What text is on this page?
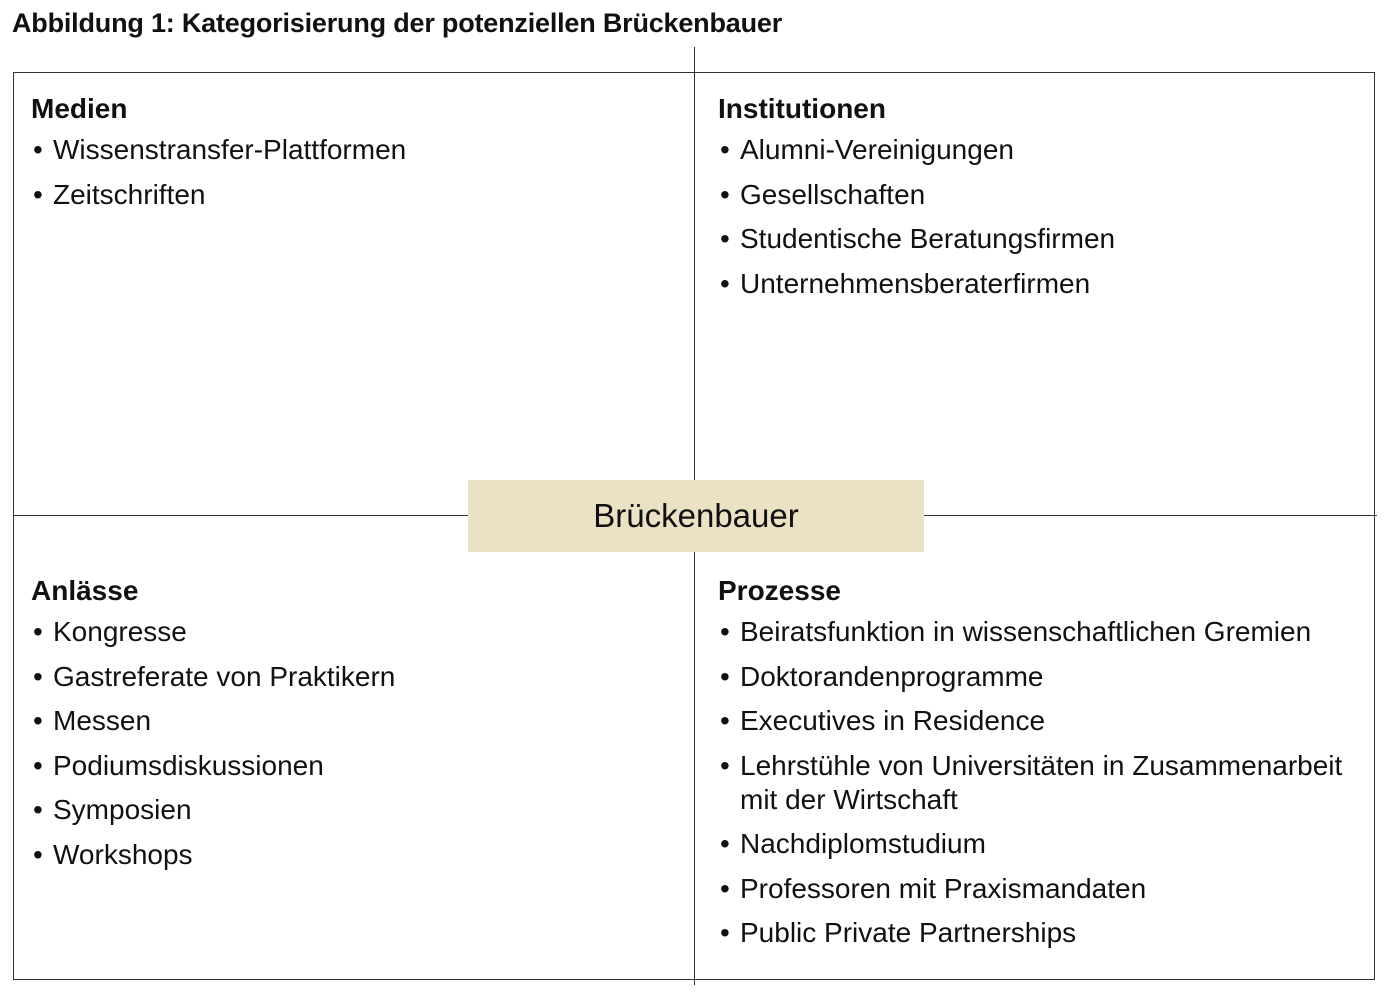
Abbildung 1: Kategorisierung der potenziellen Brückenbauer
Medien
• Wissenstransfer-Plattformen
• Zeitschriften
Institutionen
• Alumni-Vereinigungen
• Gesellschaften
• Studentische Beratungsfirmen
• Unternehmensberaterfirmen
Anlässe
• Kongresse
• Gastreferate von Praktikern
• Messen
• Podiumsdiskussionen
• Symposien
• Workshops
Prozesse
• Beiratsfunktion in wissenschaftlichen Gremien
• Doktorandenprogramme
• Executives in Residence
• Lehrstühle von Universitäten in Zusammenarbeit mit der Wirtschaft
• Nachdiplomstudium
• Professoren mit Praxismandaten
• Public Private Partnerships
Brückenbauer
